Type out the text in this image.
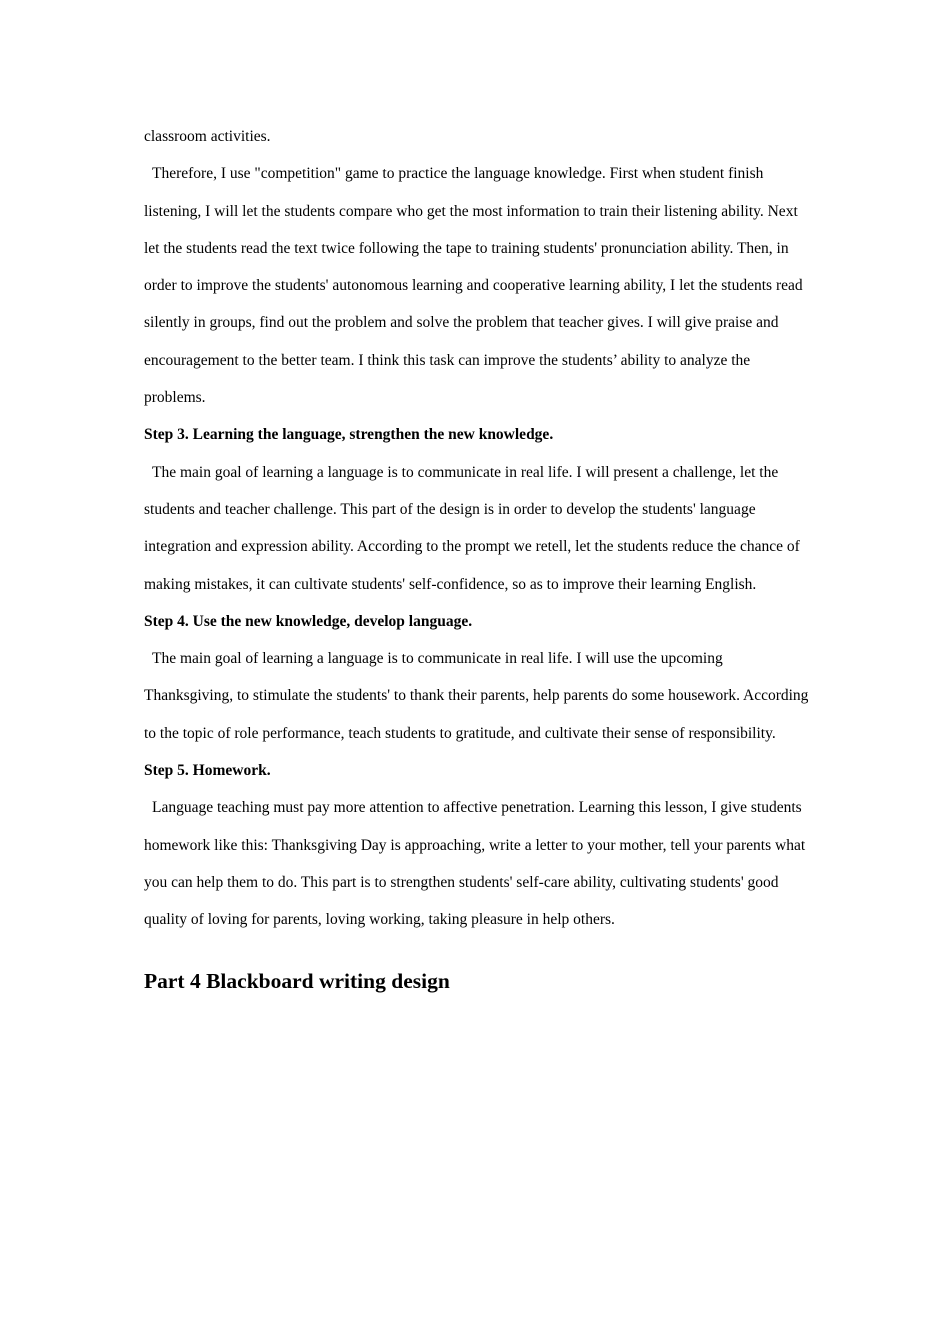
classroom activities.

Therefore, I use "competition" game to practice the language knowledge. First when student finish listening, I will let the students compare who get the most information to train their listening ability. Next let the students read the text twice following the tape to training students' pronunciation ability. Then, in order to improve the students' autonomous learning and cooperative learning ability, I let the students read silently in groups, find out the problem and solve the problem that teacher gives. I will give praise and encouragement to the better team. I think this task can improve the students’ ability to analyze the problems.

Step 3. Learning the language, strengthen the new knowledge.

The main goal of learning a language is to communicate in real life. I will present a challenge, let the students and teacher challenge. This part of the design is in order to develop the students' language integration and expression ability. According to the prompt we retell, let the students reduce the chance of making mistakes, it can cultivate students' self-confidence, so as to improve their learning English.

Step 4. Use the new knowledge, develop language.

The main goal of learning a language is to communicate in real life. I will use the upcoming Thanksgiving, to stimulate the students' to thank their parents, help parents do some housework. According to the topic of role performance, teach students to gratitude, and cultivate their sense of responsibility.

Step 5. Homework.

Language teaching must pay more attention to affective penetration. Learning this lesson, I give students homework like this: Thanksgiving Day is approaching, write a letter to your mother, tell your parents what you can help them to do. This part is to strengthen students' self-care ability, cultivating students' good quality of loving for parents, loving working, taking pleasure in help others.

Part 4 Blackboard writing design
